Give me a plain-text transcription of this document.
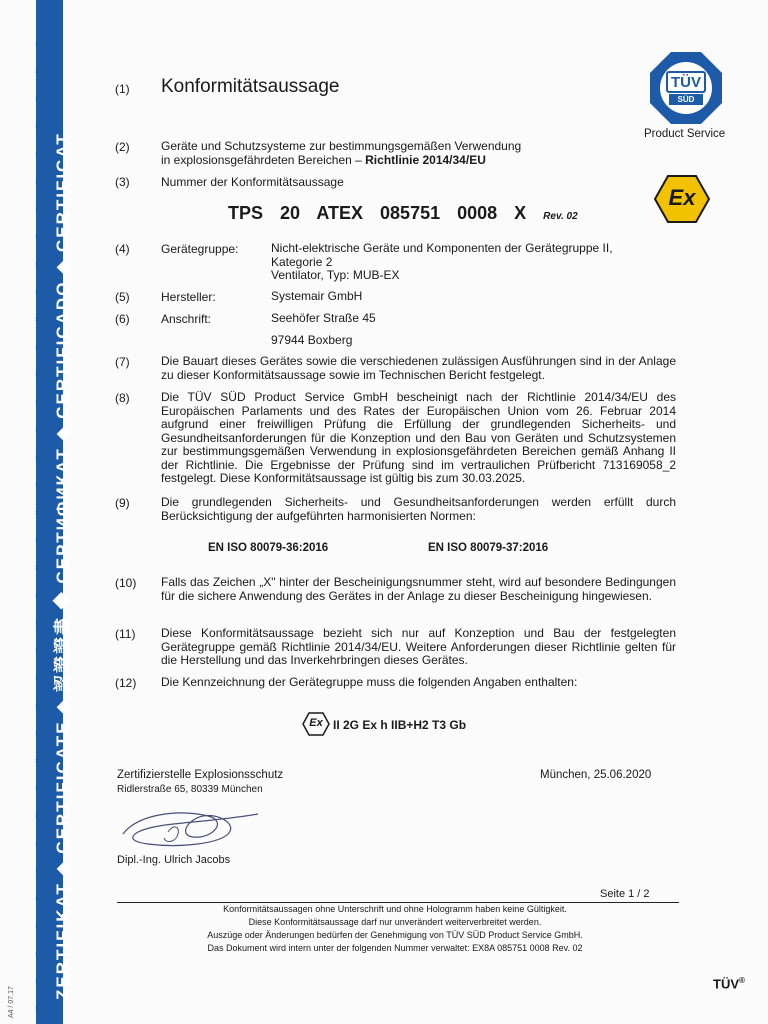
ZERTIFIKAT ◆ CERTIFICATE ◆ 認證證書 ◆ СЕРТИФИКАТ ◆ CERTIFICADO ◆ CERTIFICAT
A4 / 07.17
TÜV
SÜD
Product Service
(1) Konformitätsaussage
(2)	Geräte und Schutzsysteme zur bestimmungsgemäßen Verwendung
in explosionsgefährdeten Bereichen – Richtlinie 2014/34/EU
(3)	Nummer der Konformitätsaussage
Ex
TPS 20 ATEX 085751 0008 X Rev. 02
(4)	Gerätegruppe:	Nicht-elektrische Geräte und Komponenten der Gerätegruppe II,
Kategorie 2
Ventilator, Typ: MUB-EX
(5)	Hersteller:	Systemair GmbH
(6)	Anschrift:	Seehöfer Straße 45
97944 Boxberg
(7)	Die Bauart dieses Gerätes sowie die verschiedenen zulässigen Ausführungen sind in der Anlage zu dieser Konformitätsaussage sowie im Technischen Bericht festgelegt.
(8)	Die TÜV SÜD Product Service GmbH bescheinigt nach der Richtlinie 2014/34/EU des Europäischen Parlaments und des Rates der Europäischen Union vom 26. Februar 2014 aufgrund einer freiwilligen Prüfung die Erfüllung der grundlegenden Sicherheits- und Gesundheitsanforderungen für die Konzeption und den Bau von Geräten und Schutzsystemen zur bestimmungsgemäßen Verwendung in explosionsgefährdeten Bereichen gemäß Anhang II der Richtlinie. Die Ergebnisse der Prüfung sind im vertraulichen Prüfbericht 713169058_2 festgelegt. Diese Konformitätsaussage ist gültig bis zum 30.03.2025.
(9)	Die grundlegenden Sicherheits- und Gesundheitsanforderungen werden erfüllt durch Berücksichtigung der aufgeführten harmonisierten Normen:
EN ISO 80079-36:2016	EN ISO 80079-37:2016
(10) Falls das Zeichen „X" hinter der Bescheinigungsnummer steht, wird auf besondere Bedingungen für die sichere Anwendung des Gerätes in der Anlage zu dieser Bescheinigung hingewiesen.
(11) Diese Konformitätsaussage bezieht sich nur auf Konzeption und Bau der festgelegten Gerätegruppe gemäß Richtlinie 2014/34/EU. Weitere Anforderungen dieser Richtlinie gelten für die Herstellung und das Inverkehrbringen dieses Gerätes.
(12) Die Kennzeichnung der Gerätegruppe muss die folgenden Angaben enthalten:
Ex II 2G Ex h IIB+H2 T3 Gb
Zertifizierstelle Explosionsschutz
Ridlerstraße 65, 80339 München
München, 25.06.2020
Dipl.-Ing. Ulrich Jacobs
Seite 1 / 2
Konformitätsaussagen ohne Unterschrift und ohne Hologramm haben keine Gültigkeit.
Diese Konformitätsaussage darf nur unverändert weiterverbreitet werden.
Auszüge oder Änderungen bedürfen der Genehmigung von TÜV SÜD Product Service GmbH.
Das Dokument wird intern unter der folgenden Nummer verwaltet: EX8A 085751 0008 Rev. 02
TÜV®
